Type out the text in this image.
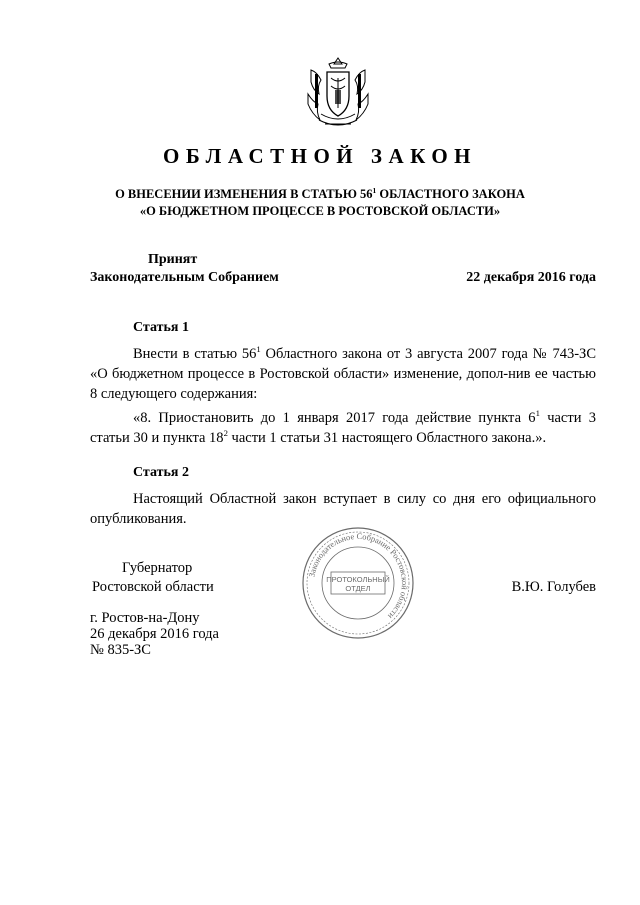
ОБЛАСТНОЙ ЗАКОН
О ВНЕСЕНИИ ИЗМЕНЕНИЯ В СТАТЬЮ $56^1$ ОБЛАСТНОГО ЗАКОНА
«О БЮДЖЕТНОМ ПРОЦЕССЕ В РОСТОВСКОЙ ОБЛАСТИ»
Принят
Законодательным Собранием	22 декабря 2016 года
Статья 1
Внести в статью $56^1$ Областного закона от 3 августа 2007 года № 743-ЗС «О бюджетном процессе в Ростовской области» изменение, допол-нив ее частью 8 следующего содержания:
«8. Приостановить до 1 января 2017 года действие пункта $6^1$ части 3 статьи 30 и пункта $18^2$ части 1 статьи 31 настоящего Областного закона.».
Статья 2
Настоящий Областной закон вступает в силу со дня его официального опубликования.
Губернатор
Ростовской области	В.Ю. Голубев
Законодательное Собрание Ростовской области
ПРОТОКОЛЬНЫЙ
ОТДЕЛ
г. Ростов-на-Дону
26 декабря 2016 года
№ 835-ЗС
